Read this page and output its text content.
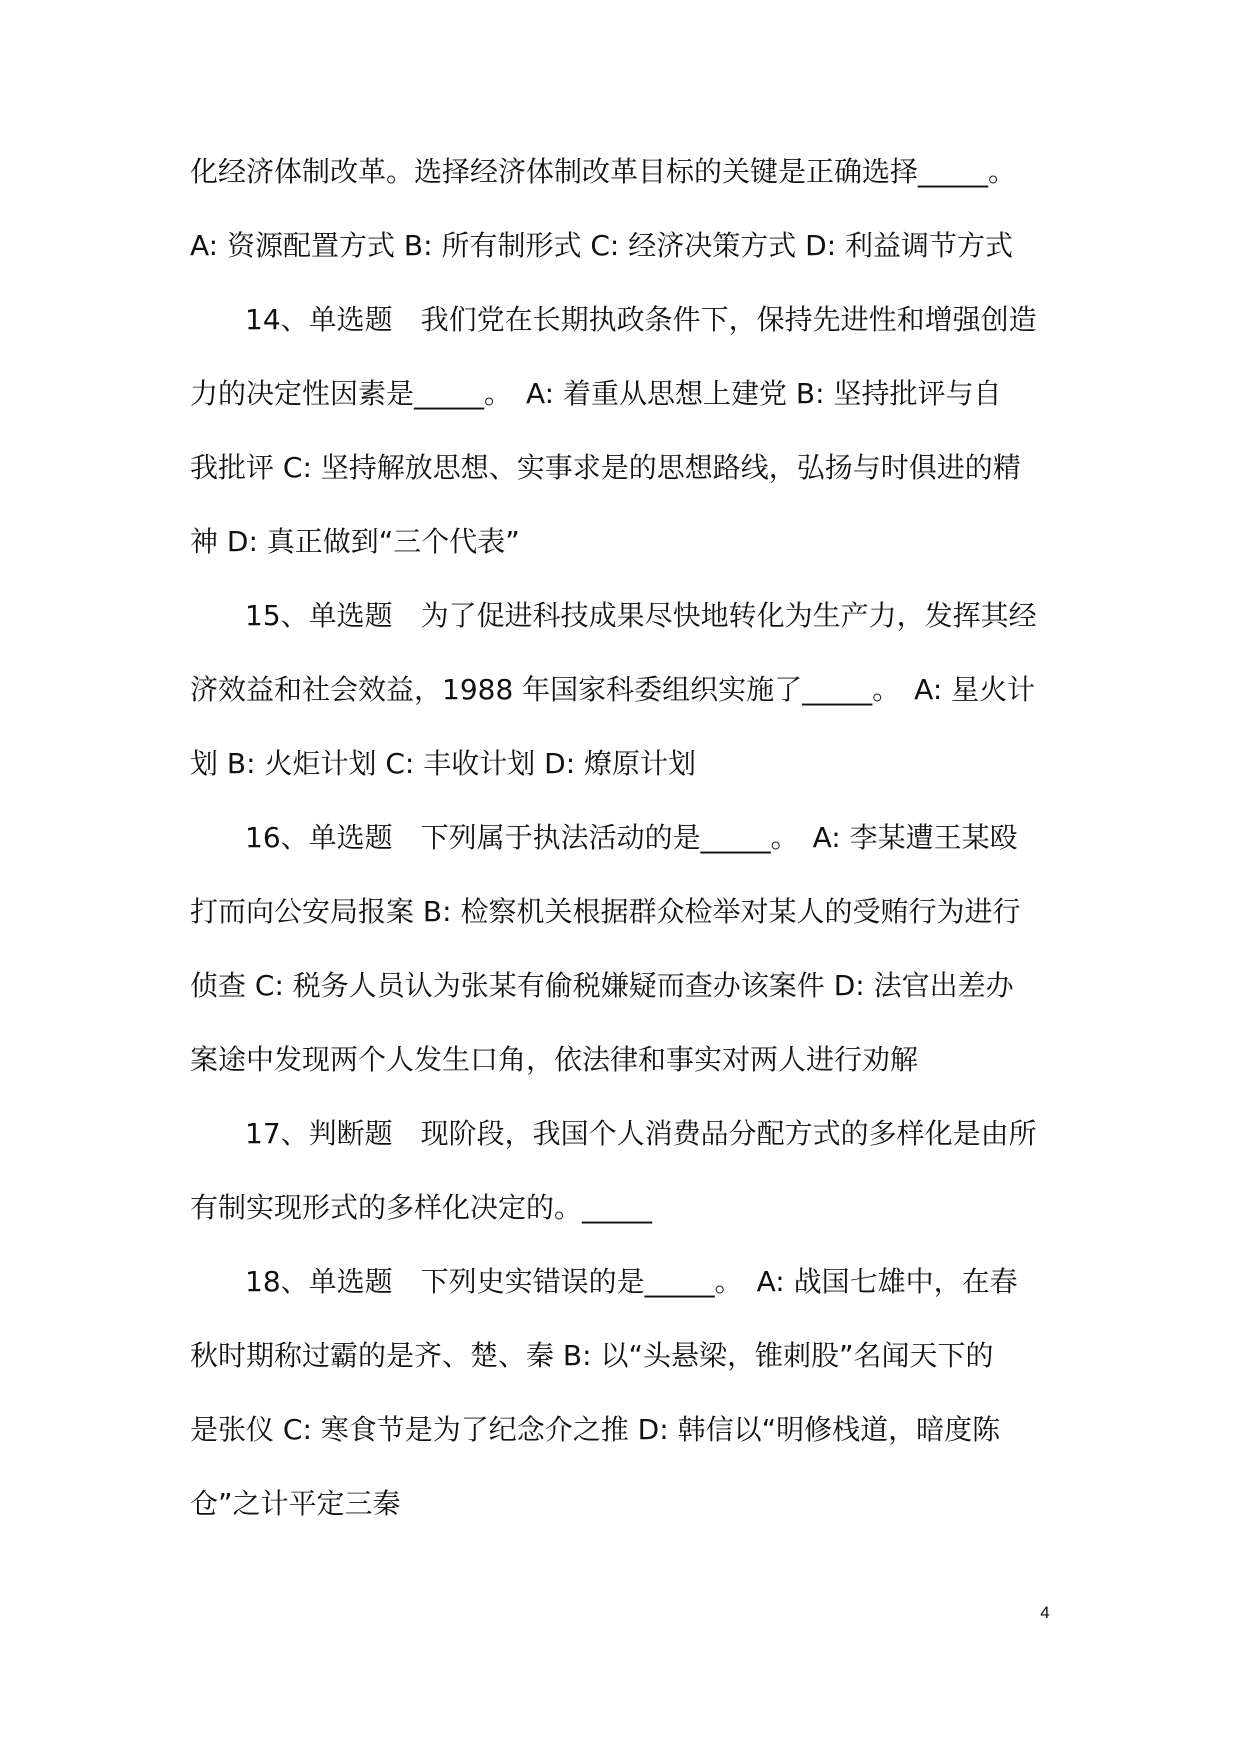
化经济体制改革。选择经济体制改革目标的关键是正确选择_____。
A: 资源配置方式 B: 所有制形式 C: 经济决策方式 D: 利益调节方式
14、单选题　我们党在长期执政条件下，保持先进性和增强创造
力的决定性因素是_____。　A: 着重从思想上建党 B: 坚持批评与自
我批评 C: 坚持解放思想、实事求是的思想路线，弘扬与时俱进的精
神 D: 真正做到“三个代表”
15、单选题　为了促进科技成果尽快地转化为生产力，发挥其经
济效益和社会效益，1988 年国家科委组织实施了_____。　A: 星火计
划 B: 火炬计划 C: 丰收计划 D: 燎原计划
16、单选题　下列属于执法活动的是_____。　A: 李某遭王某殴
打而向公安局报案 B: 检察机关根据群众检举对某人的受贿行为进行
侦查 C: 税务人员认为张某有偷税嫌疑而查办该案件 D: 法官出差办
案途中发现两个人发生口角，依法律和事实对两人进行劝解
17、判断题　现阶段，我国个人消费品分配方式的多样化是由所
有制实现形式的多样化决定的。_____
18、单选题　下列史实错误的是_____。　A: 战国七雄中，在春
秋时期称过霸的是齐、楚、秦 B: 以“头悬梁，锥刺股”名闻天下的
是张仪 C: 寒食节是为了纪念介之推 D: 韩信以“明修栈道，暗度陈
仓”之计平定三秦
4
